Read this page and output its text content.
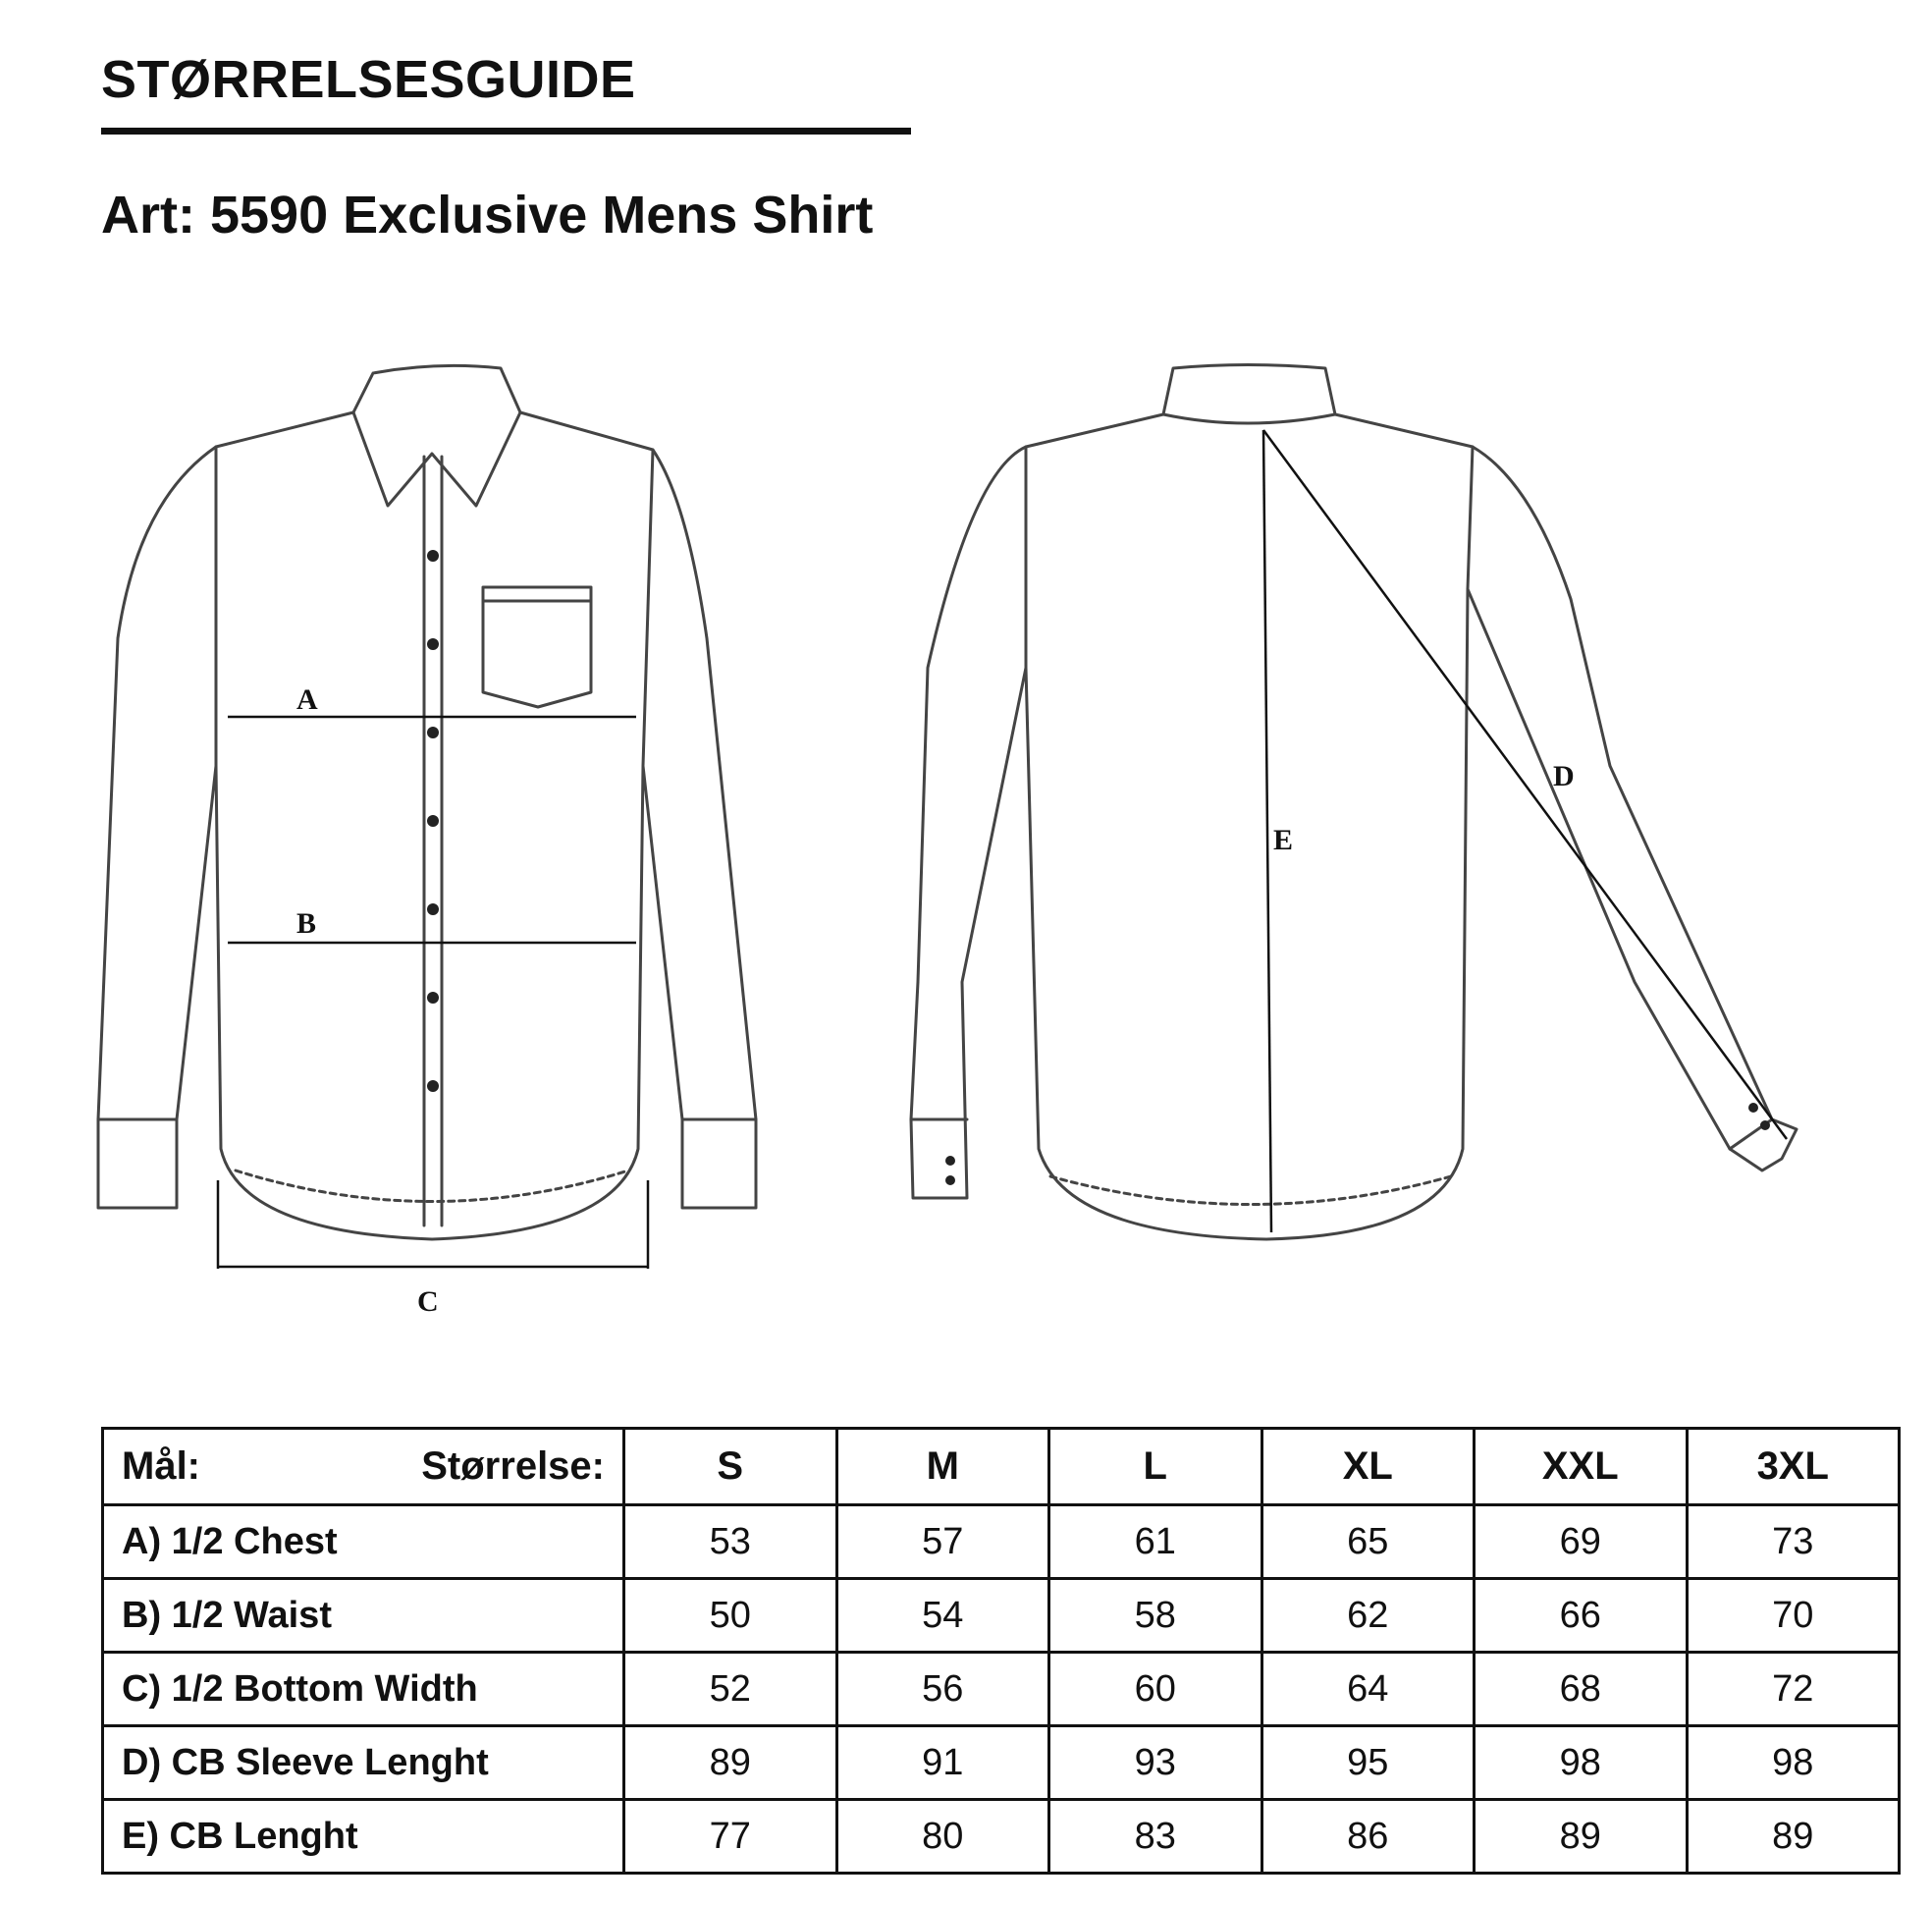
STØRRELSESGUIDE
Art: 5590 Exclusive Mens Shirt
A
B
C
D
E
Mål: Størrelse:	S	M	L	XL	XXL	3XL
A) 1/2 Chest	53	57	61	65	69	73
B) 1/2 Waist	50	54	58	62	66	70
C) 1/2 Bottom Width	52	56	60	64	68	72
D) CB Sleeve Lenght	89	91	93	95	98	98
E) CB Lenght	77	80	83	86	89	89
